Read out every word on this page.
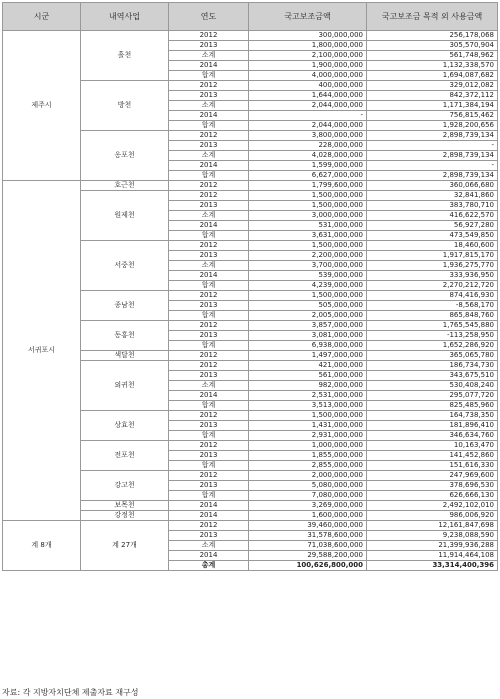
시군	내역사업	연도	국고보조금액	국고보조금 목적 외 사용금액
제주시	흘천	2012	300,000,000	256,178,068
		2013	1,800,000,000	305,570,904
		소계	2,100,000,000	561,748,962
		2014	1,900,000,000	1,132,338,570
		합계	4,000,000,000	1,694,087,682
	방천	2012	400,000,000	329,012,082
		2013	1,644,000,000	842,372,112
		소계	2,044,000,000	1,171,384,194
		2014	-	756,815,462
		합계	2,044,000,000	1,928,200,656
	옹포천	2012	3,800,000,000	2,898,739,134
		2013	228,000,000	-
		소계	4,028,000,000	2,898,739,134
		2014	1,599,000,000	-
		합계	6,627,000,000	2,898,739,134
서귀포시	호근천	2012	1,799,600,000	360,066,680
	원제천	2012	1,500,000,000	32,841,860
		2013	1,500,000,000	383,780,710
		소계	3,000,000,000	416,622,570
		2014	531,000,000	56,927,280
		합계	3,631,000,000	473,549,850
	서중천	2012	1,500,000,000	18,460,600
		2013	2,200,000,000	1,917,815,170
		소계	3,700,000,000	1,936,275,770
		2014	539,000,000	333,936,950
		합계	4,239,000,000	2,270,212,720
	종남천	2012	1,500,000,000	874,416,930
		2013	505,000,000	-8,568,170
		합계	2,005,000,000	865,848,760
	동홍천	2012	3,857,000,000	1,765,545,880
		2013	3,081,000,000	-113,258,950
		합계	6,938,000,000	1,652,286,920
	색달천	2012	1,497,000,000	365,065,780
	외귀천	2012	421,000,000	186,734,730
		2013	561,000,000	343,675,510
		소계	982,000,000	530,408,240
		2014	2,531,000,000	295,077,720
		합계	3,513,000,000	825,485,960
	상효천	2012	1,500,000,000	164,738,350
		2013	1,431,000,000	181,896,410
		합계	2,931,000,000	346,634,760
	전포천	2012	1,000,000,000	10,163,470
		2013	1,855,000,000	141,452,860
		합계	2,855,000,000	151,616,330
	강고천	2012	2,000,000,000	247,969,600
		2013	5,080,000,000	378,696,530
		합계	7,080,000,000	626,666,130
	보목천	2014	3,269,000,000	2,492,102,010
	강정천	2014	1,600,000,000	986,006,920
계 8개	계 27개	2012	39,460,000,000	12,161,847,698
		2013	31,578,600,000	9,238,088,590
		소계	71,038,600,000	21,399,936,288
		2014	29,588,200,000	11,914,464,108
		총계	100,626,800,000	33,314,400,396
자료: 각 지방자치단체 제출자료 재구성
